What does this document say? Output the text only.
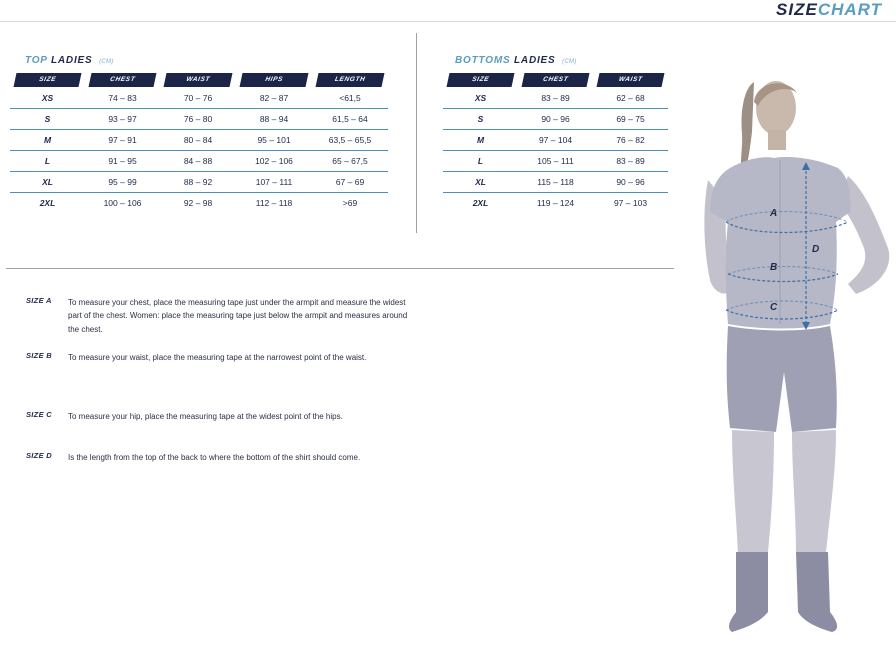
SIZECHART
TOP LADIES (CM)
SIZE	CHEST	WAIST	HIPS	LENGTH

XS	74 – 83	70 – 76	82 – 87	<61,5
S	93 – 97	76 – 80	88 – 94	61,5 – 64
M	97 – 91	80 – 84	95 – 101	63,5 – 65,5
L	91 – 95	84 – 88	102 – 106	65 – 67,5
XL	95 – 99	88 – 92	107 – 111	67 – 69
2XL	100 – 106	92 – 98	112 – 118	>69
BOTTOMS LADIES (CM)
SIZE	CHEST	WAIST

XS	83 – 89	62 – 68
S	90 – 96	69 – 75
M	97 – 104	76 – 82
L	105 – 111	83 – 89
XL	115 – 118	90 – 96
2XL	119 – 124	97 – 103
SIZE A	To measure your chest, place the measuring tape just under the armpit and measure the widest part of the chest. Women: place the measuring tape just below the armpit and measures around the chest.
SIZE B	To measure your waist, place the measuring tape at the narrowest point of the waist.
SIZE C	To measure your hip, place the measuring tape at the widest point of the hips.
SIZE D	Is the length from the top of the back to where the bottom of the shirt should come.
A
B
C
D
